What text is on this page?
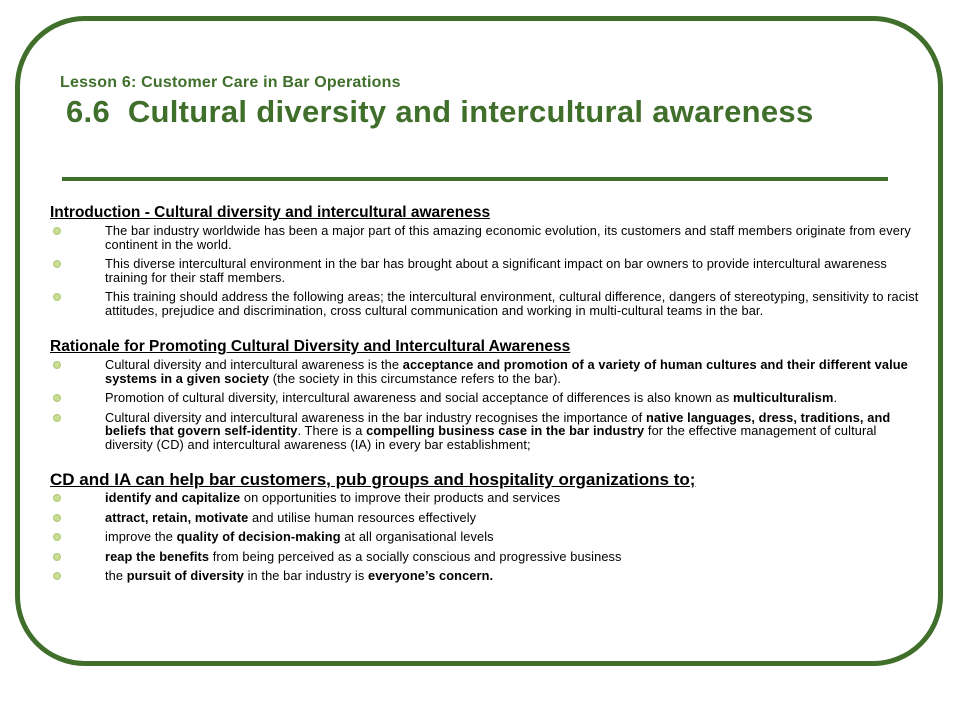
Lesson 6: Customer Care in Bar Operations
6.6 Cultural diversity and intercultural awareness
Introduction - Cultural diversity and intercultural awareness
The bar industry worldwide has been a major part of this amazing economic evolution, its customers and staff members originate from every continent in the world.
This diverse intercultural environment in the bar has brought about a significant impact on bar owners to provide intercultural awareness training for their staff members.
This training should address the following areas; the intercultural environment, cultural difference, dangers of stereotyping, sensitivity to racist attitudes, prejudice and discrimination, cross cultural communication and working in multi-cultural teams in the bar.
Rationale for Promoting Cultural Diversity and Intercultural Awareness
Cultural diversity and intercultural awareness is the acceptance and promotion of a variety of human cultures and their different value systems in a given society (the society in this circumstance refers to the bar).
Promotion of cultural diversity, intercultural awareness and social acceptance of differences is also known as multiculturalism.
Cultural diversity and intercultural awareness in the bar industry recognises the importance of native languages, dress, traditions, and beliefs that govern self-identity. There is a compelling business case in the bar industry for the effective management of cultural diversity (CD) and intercultural awareness (IA) in every bar establishment;
CD and IA can help bar customers, pub groups and hospitality organizations to;
identify and capitalize on opportunities to improve their products and services
attract, retain, motivate and utilise human resources effectively
improve the quality of decision-making at all organisational levels
reap the benefits from being perceived as a socially conscious and progressive business
the pursuit of diversity in the bar industry is everyone’s concern.
